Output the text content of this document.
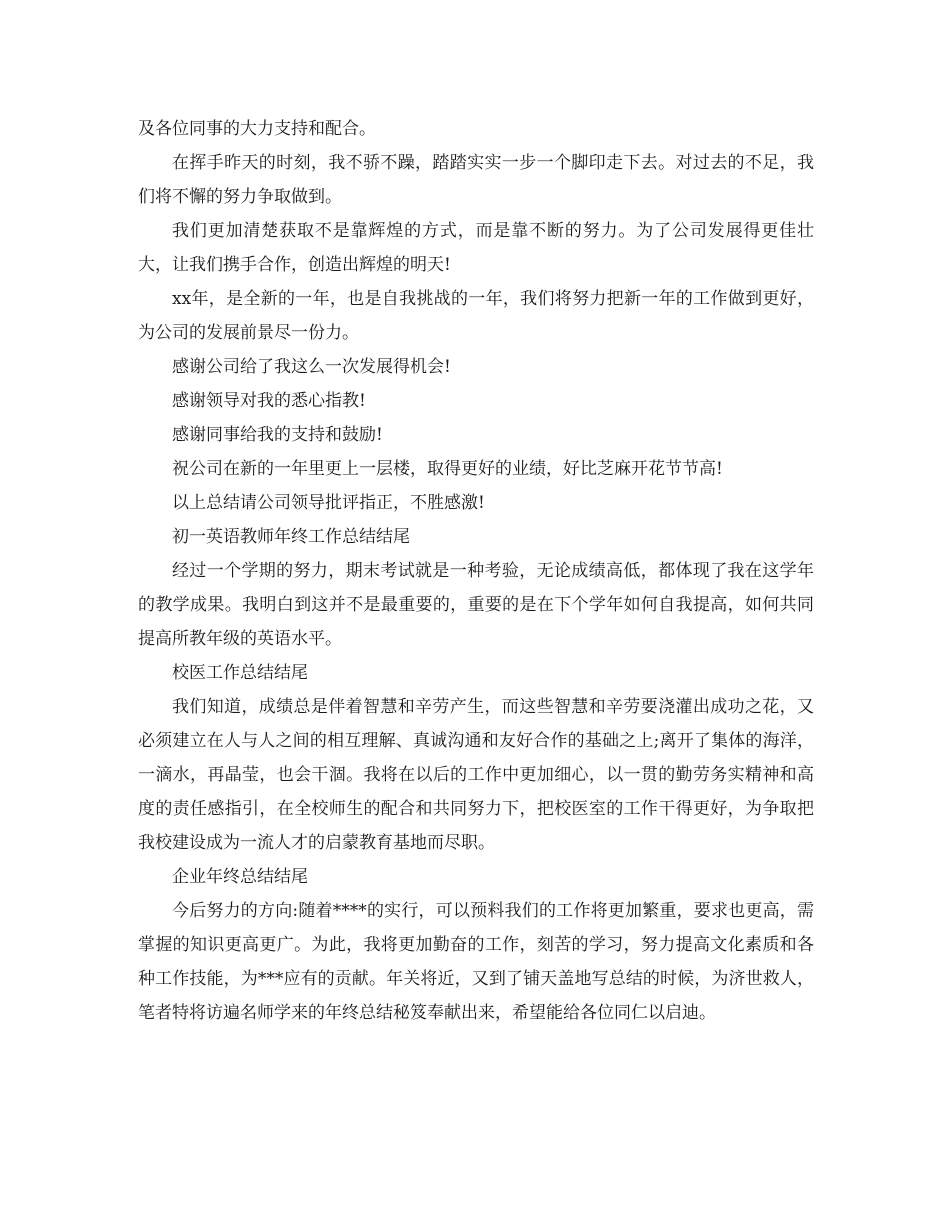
及各位同事的大力支持和配合。

在挥手昨天的时刻，我不骄不躁，踏踏实实一步一个脚印走下去。对过去的不足，我们将不懈的努力争取做到。

我们更加清楚获取不是靠辉煌的方式，而是靠不断的努力。为了公司发展得更佳壮大，让我们携手合作，创造出辉煌的明天!

xx年，是全新的一年，也是自我挑战的一年，我们将努力把新一年的工作做到更好，为公司的发展前景尽一份力。

感谢公司给了我这么一次发展得机会!

感谢领导对我的悉心指教!

感谢同事给我的支持和鼓励!

祝公司在新的一年里更上一层楼，取得更好的业绩，好比芝麻开花节节高!

以上总结请公司领导批评指正，不胜感激!

初一英语教师年终工作总结结尾

经过一个学期的努力，期末考试就是一种考验，无论成绩高低，都体现了我在这学年的教学成果。我明白到这并不是最重要的，重要的是在下个学年如何自我提高，如何共同提高所教年级的英语水平。

校医工作总结结尾

我们知道，成绩总是伴着智慧和辛劳产生，而这些智慧和辛劳要浇灌出成功之花，又必须建立在人与人之间的相互理解、真诚沟通和友好合作的基础之上;离开了集体的海洋，一滴水，再晶莹，也会干涸。我将在以后的工作中更加细心，以一贯的勤劳务实精神和高度的责任感指引，在全校师生的配合和共同努力下，把校医室的工作干得更好，为争取把我校建设成为一流人才的启蒙教育基地而尽职。

企业年终总结结尾

今后努力的方向:随着****的实行，可以预料我们的工作将更加繁重，要求也更高，需掌握的知识更高更广。为此，我将更加勤奋的工作，刻苦的学习，努力提高文化素质和各种工作技能，为***应有的贡献。年关将近，又到了铺天盖地写总结的时候，为济世救人，笔者特将访遍名师学来的年终总结秘笈奉献出来，希望能给各位同仁以启迪。
